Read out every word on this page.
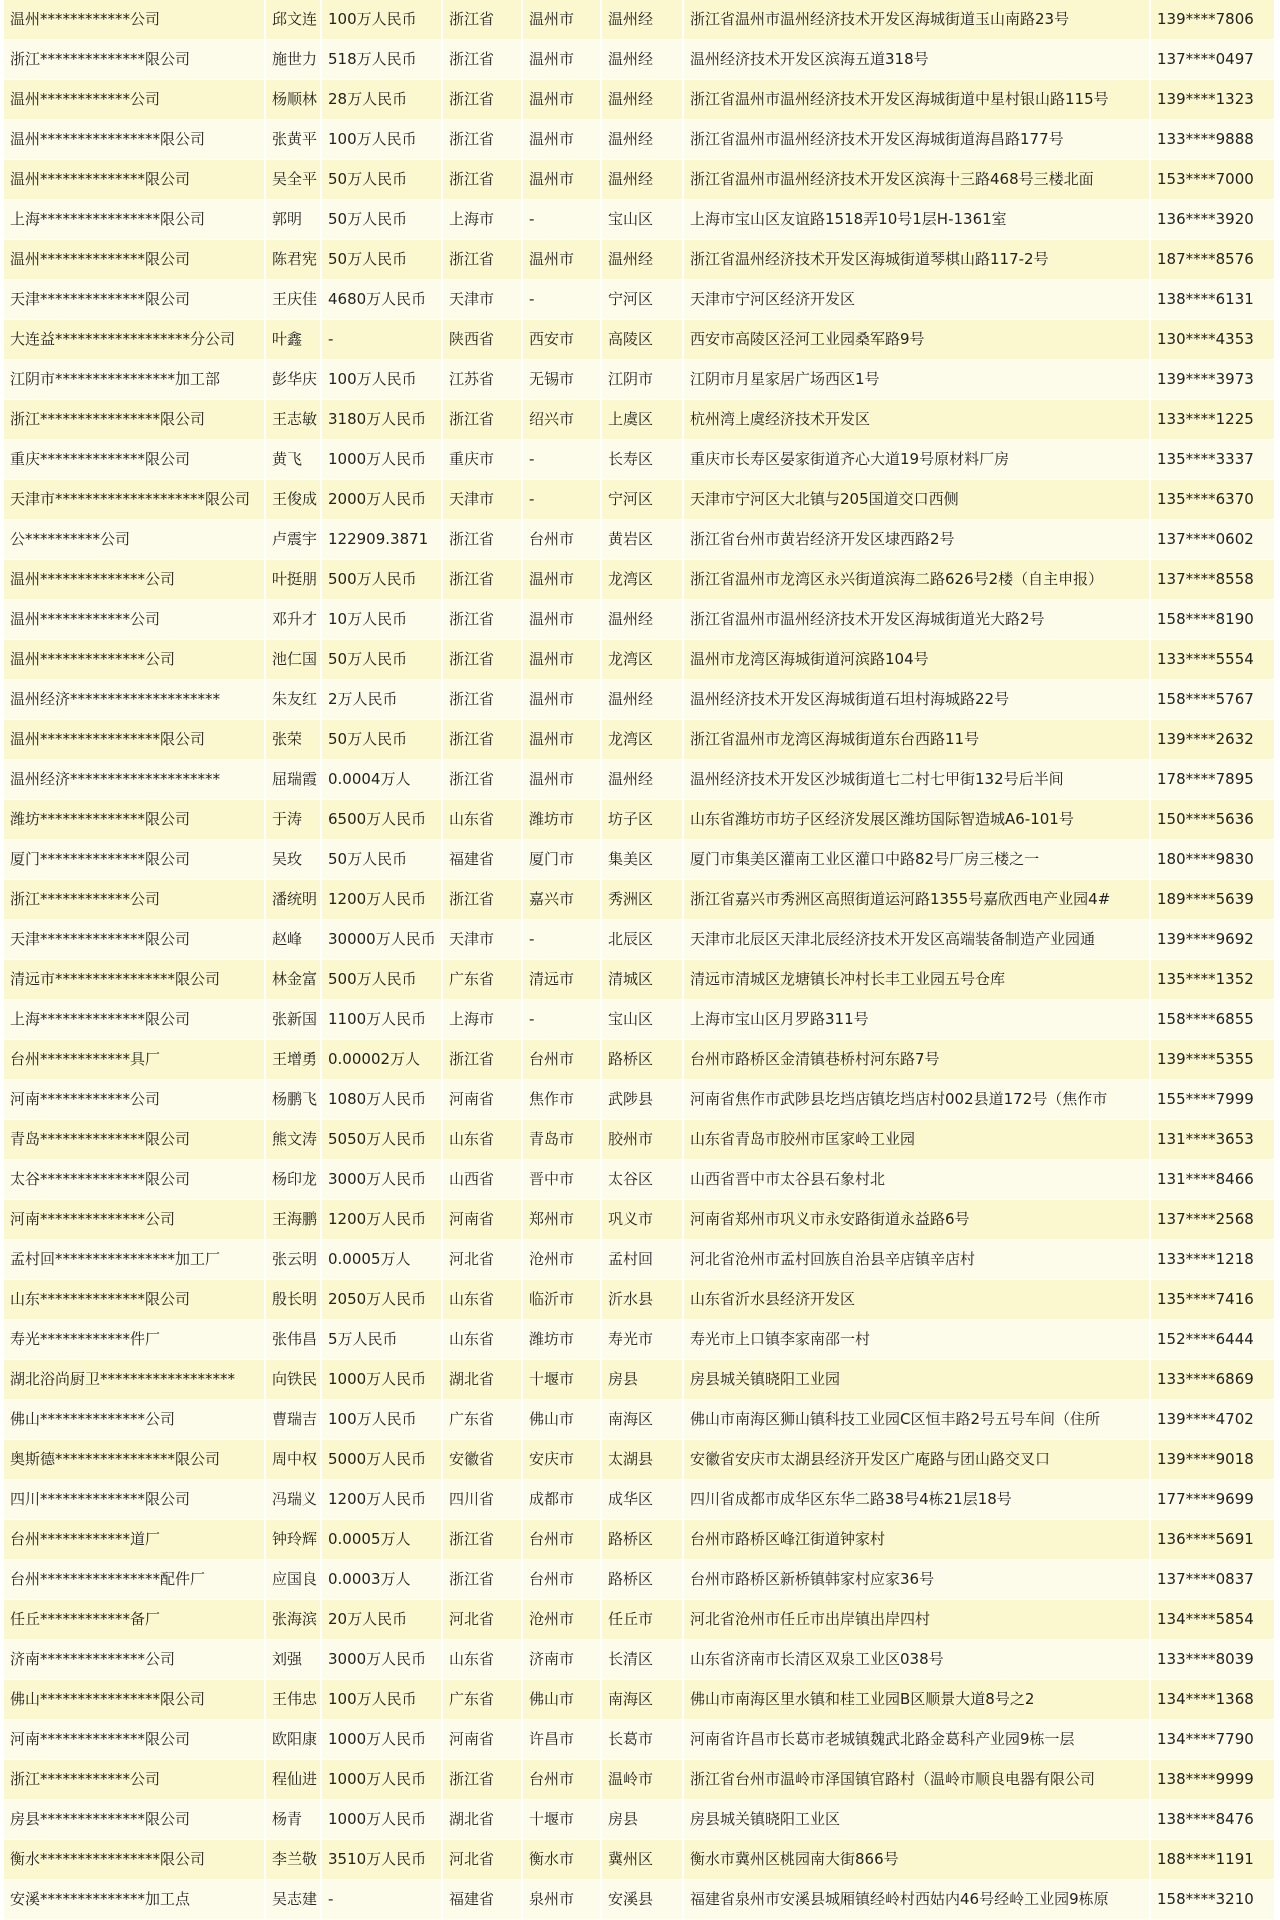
温州************公司	邱文连	100万人民币	浙江省	温州市	温州经	浙江省温州市温州经济技术开发区海城街道玉山南路23号	139****7806
浙江**************限公司	施世力	518万人民币	浙江省	温州市	温州经	温州经济技术开发区滨海五道318号	137****0497
温州************公司	杨顺林	28万人民币	浙江省	温州市	温州经	浙江省温州市温州经济技术开发区海城街道中星村银山路115号	139****1323
温州****************限公司	张黄平	100万人民币	浙江省	温州市	温州经	浙江省温州市温州经济技术开发区海城街道海昌路177号	133****9888
温州**************限公司	吴全平	50万人民币	浙江省	温州市	温州经	浙江省温州市温州经济技术开发区滨海十三路468号三楼北面	153****7000
上海****************限公司	郭明	50万人民币	上海市	-	宝山区	上海市宝山区友谊路1518弄10号1层H-1361室	136****3920
温州**************限公司	陈君宪	50万人民币	浙江省	温州市	温州经	浙江省温州经济技术开发区海城街道琴棋山路117-2号	187****8576
天津**************限公司	王庆佳	4680万人民币	天津市	-	宁河区	天津市宁河区经济开发区	138****6131
大连益******************分公司	叶鑫	-	陕西省	西安市	高陵区	西安市高陵区泾河工业园桑军路9号	130****4353
江阴市****************加工部	彭华庆	100万人民币	江苏省	无锡市	江阴市	江阴市月星家居广场西区1号	139****3973
浙江****************限公司	王志敏	3180万人民币	浙江省	绍兴市	上虞区	杭州湾上虞经济技术开发区	133****1225
重庆**************限公司	黄飞	1000万人民币	重庆市	-	长寿区	重庆市长寿区晏家街道齐心大道19号原材料厂房	135****3337
天津市********************限公司	王俊成	2000万人民币	天津市	-	宁河区	天津市宁河区大北镇与205国道交口西侧	135****6370
公**********公司	卢震宇	122909.3871	浙江省	台州市	黄岩区	浙江省台州市黄岩经济开发区埭西路2号	137****0602
温州**************公司	叶挺朋	500万人民币	浙江省	温州市	龙湾区	浙江省温州市龙湾区永兴街道滨海二路626号2楼（自主申报）	137****8558
温州************公司	邓升才	10万人民币	浙江省	温州市	温州经	浙江省温州市温州经济技术开发区海城街道光大路2号	158****8190
温州**************公司	池仁国	50万人民币	浙江省	温州市	龙湾区	温州市龙湾区海城街道河滨路104号	133****5554
温州经济********************	朱友红	2万人民币	浙江省	温州市	温州经	温州经济技术开发区海城街道石坦村海城路22号	158****5767
温州****************限公司	张荣	50万人民币	浙江省	温州市	龙湾区	浙江省温州市龙湾区海城街道东台西路11号	139****2632
温州经济********************	屈瑞霞	0.0004万人	浙江省	温州市	温州经	温州经济技术开发区沙城街道七二村七甲街132号后半间	178****7895
潍坊**************限公司	于涛	6500万人民币	山东省	潍坊市	坊子区	山东省潍坊市坊子区经济发展区潍坊国际智造城A6-101号	150****5636
厦门**************限公司	吴玫	50万人民币	福建省	厦门市	集美区	厦门市集美区灌南工业区灌口中路82号厂房三楼之一	180****9830
浙江************公司	潘统明	1200万人民币	浙江省	嘉兴市	秀洲区	浙江省嘉兴市秀洲区高照街道运河路1355号嘉欣西电产业园4#	189****5639
天津**************限公司	赵峰	30000万人民币	天津市	-	北辰区	天津市北辰区天津北辰经济技术开发区高端装备制造产业园通	139****9692
清远市****************限公司	林金富	500万人民币	广东省	清远市	清城区	清远市清城区龙塘镇长冲村长丰工业园五号仓库	135****1352
上海**************限公司	张新国	1100万人民币	上海市	-	宝山区	上海市宝山区月罗路311号	158****6855
台州************具厂	王增勇	0.00002万人	浙江省	台州市	路桥区	台州市路桥区金清镇巷桥村河东路7号	139****5355
河南************公司	杨鹏飞	1080万人民币	河南省	焦作市	武陟县	河南省焦作市武陟县圪垱店镇圪垱店村002县道172号（焦作市	155****7999
青岛**************限公司	熊文涛	5050万人民币	山东省	青岛市	胶州市	山东省青岛市胶州市匡家岭工业园	131****3653
太谷**************限公司	杨印龙	3000万人民币	山西省	晋中市	太谷区	山西省晋中市太谷县石象村北	131****8466
河南**************公司	王海鹏	1200万人民币	河南省	郑州市	巩义市	河南省郑州市巩义市永安路街道永益路6号	137****2568
孟村回****************加工厂	张云明	0.0005万人	河北省	沧州市	孟村回	河北省沧州市孟村回族自治县辛店镇辛店村	133****1218
山东**************限公司	殷长明	2050万人民币	山东省	临沂市	沂水县	山东省沂水县经济开发区	135****7416
寿光************件厂	张伟昌	5万人民币	山东省	潍坊市	寿光市	寿光市上口镇李家南邵一村	152****6444
湖北浴尚厨卫******************	向铁民	1000万人民币	湖北省	十堰市	房县	房县城关镇晓阳工业园	133****6869
佛山**************公司	曹瑞吉	100万人民币	广东省	佛山市	南海区	佛山市南海区狮山镇科技工业园C区恒丰路2号五号车间（住所	139****4702
奥斯德****************限公司	周中权	5000万人民币	安徽省	安庆市	太湖县	安徽省安庆市太湖县经济开发区广庵路与团山路交叉口	139****9018
四川**************限公司	冯瑞义	1200万人民币	四川省	成都市	成华区	四川省成都市成华区东华二路38号4栋21层18号	177****9699
台州************道厂	钟玲辉	0.0005万人	浙江省	台州市	路桥区	台州市路桥区峰江街道钟家村	136****5691
台州****************配件厂	应国良	0.0003万人	浙江省	台州市	路桥区	台州市路桥区新桥镇韩家村应家36号	137****0837
任丘************备厂	张海滨	20万人民币	河北省	沧州市	任丘市	河北省沧州市任丘市出岸镇出岸四村	134****5854
济南**************公司	刘强	3000万人民币	山东省	济南市	长清区	山东省济南市长清区双泉工业区038号	133****8039
佛山****************限公司	王伟忠	100万人民币	广东省	佛山市	南海区	佛山市南海区里水镇和桂工业园B区顺景大道8号之2	134****1368
河南**************限公司	欧阳康	1000万人民币	河南省	许昌市	长葛市	河南省许昌市长葛市老城镇魏武北路金葛科产业园9栋一层	134****7790
浙江************公司	程仙进	1000万人民币	浙江省	台州市	温岭市	浙江省台州市温岭市泽国镇官路村（温岭市顺良电器有限公司	138****9999
房县**************限公司	杨青	1000万人民币	湖北省	十堰市	房县	房县城关镇晓阳工业区	138****8476
衡水****************限公司	李兰敬	3510万人民币	河北省	衡水市	冀州区	衡水市冀州区桃园南大街866号	188****1191
安溪**************加工点	吴志建	-	福建省	泉州市	安溪县	福建省泉州市安溪县城厢镇经岭村西姑内46号经岭工业园9栋原	158****3210
